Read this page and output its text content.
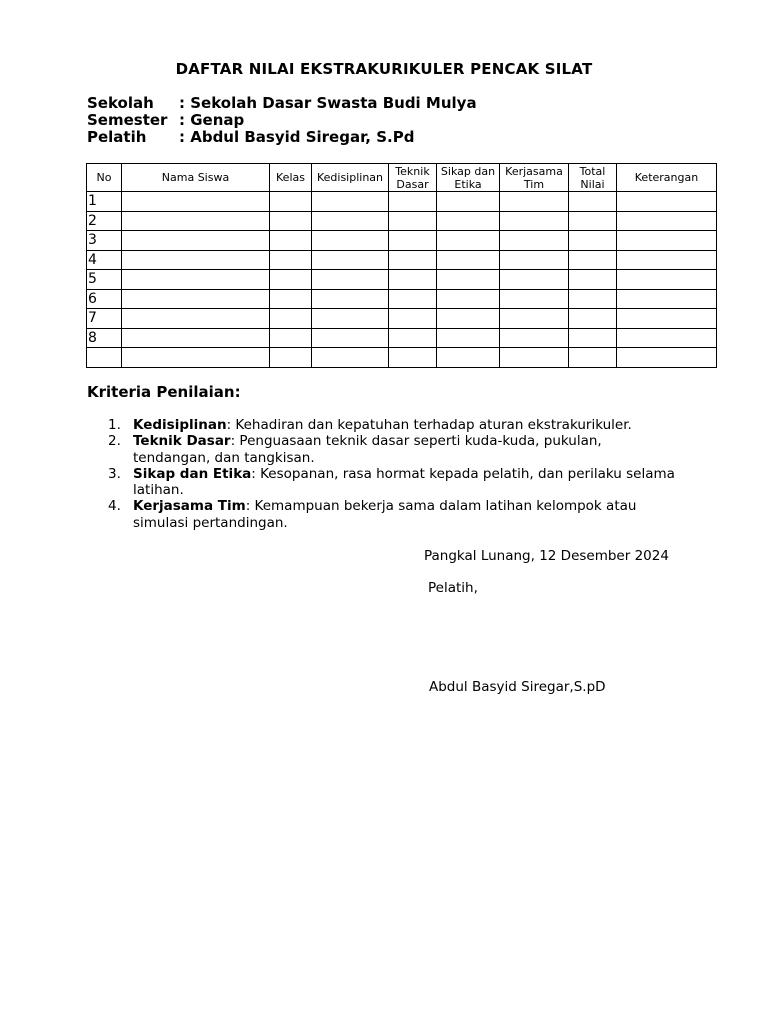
DAFTAR NILAI EKSTRAKURIKULER PENCAK SILAT
Sekolah : Sekolah Dasar Swasta Budi Mulya
Semester : Genap
Pelatih : Abdul Basyid Siregar, S.Pd
No	Nama Siswa	Kelas	Kedisiplinan	Teknik Dasar	Sikap dan Etika	Kerjasama Tim	Total Nilai	Keterangan
1								
2								
3								
4								
5								
6								
7								
8								

Kriteria Penilaian:
1. Kedisiplinan: Kehadiran dan kepatuhan terhadap aturan ekstrakurikuler.
2. Teknik Dasar: Penguasaan teknik dasar seperti kuda-kuda, pukulan, tendangan, dan tangkisan.
3. Sikap dan Etika: Kesopanan, rasa hormat kepada pelatih, dan perilaku selama latihan.
4. Kerjasama Tim: Kemampuan bekerja sama dalam latihan kelompok atau simulasi pertandingan.
Pangkal Lunang, 12 Desember 2024
Pelatih,
Abdul Basyid Siregar,S.pD
